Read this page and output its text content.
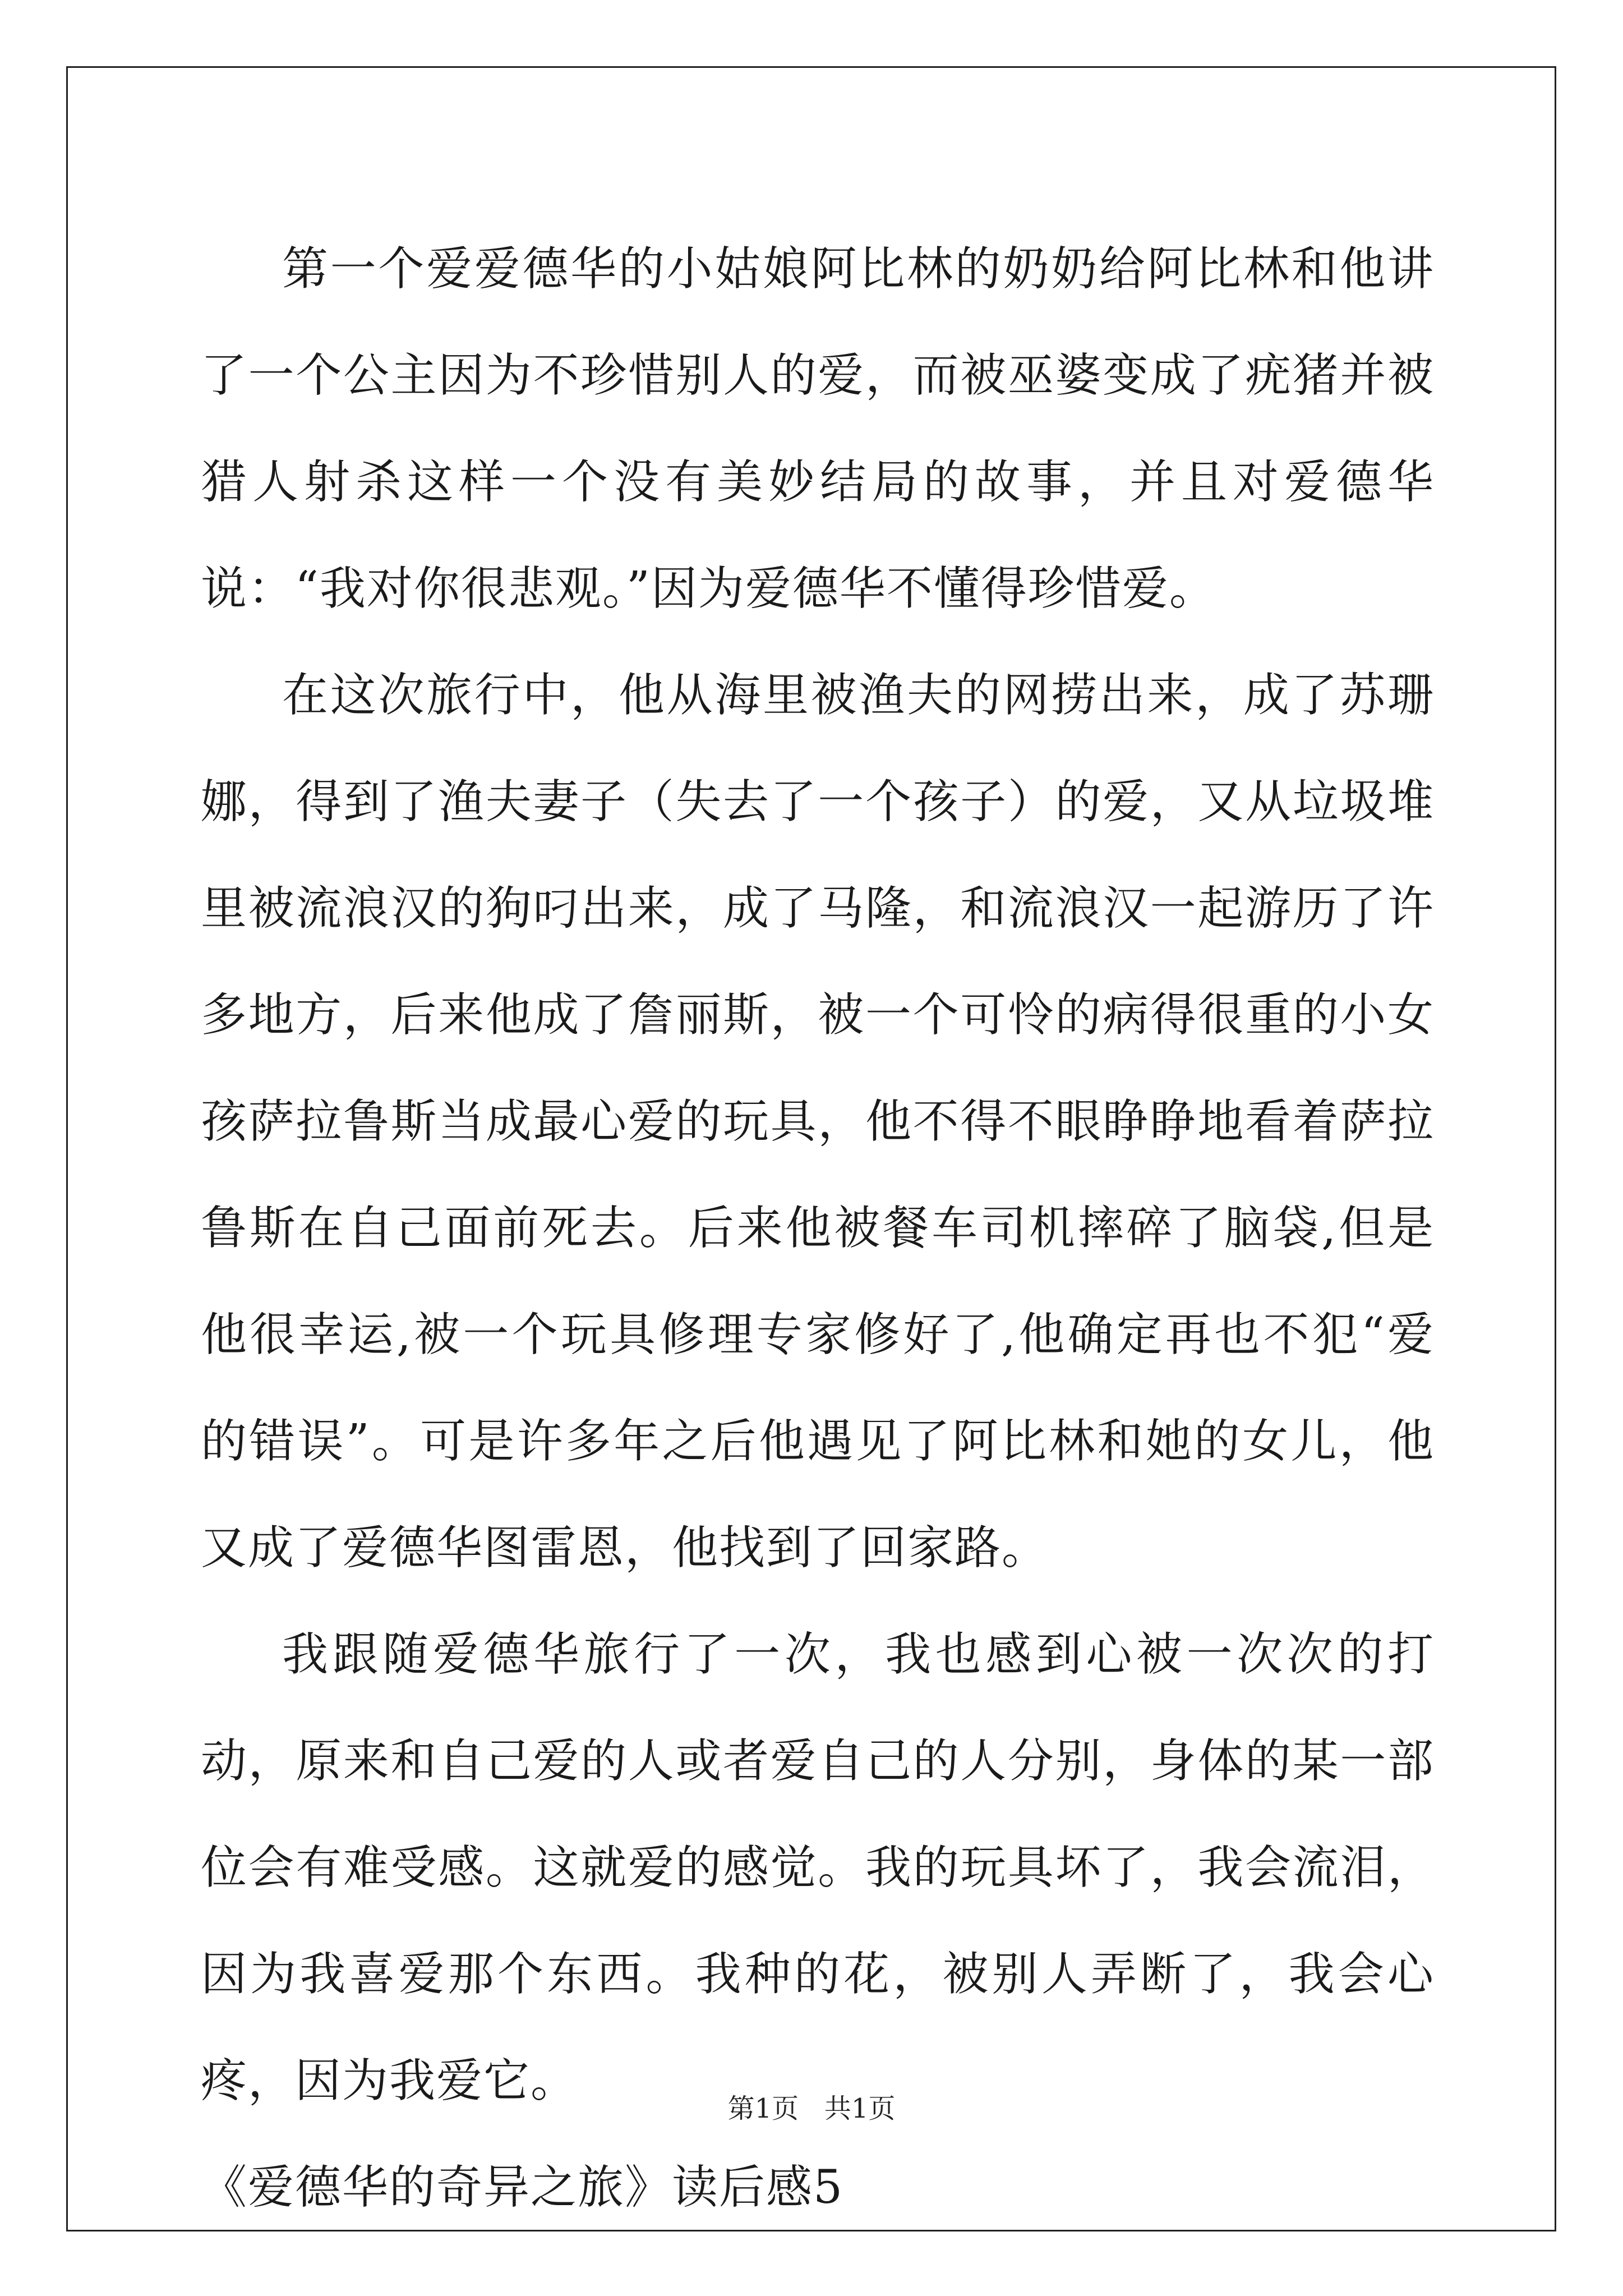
第一个爱爱德华的小姑娘阿比林的奶奶给阿比林和他讲了一个公主因为不珍惜别人的爱，而被巫婆变成了疣猪并被猎人射杀这样一个没有美妙结局的故事，并且对爱德华说：“我对你很悲观。”因为爱德华不懂得珍惜爱。

在这次旅行中，他从海里被渔夫的网捞出来，成了苏珊娜，得到了渔夫妻子（失去了一个孩子）的爱，又从垃圾堆里被流浪汉的狗叼出来，成了马隆，和流浪汉一起游历了许多地方，后来他成了詹丽斯，被一个可怜的病得很重的小女孩萨拉鲁斯当成最心爱的玩具，他不得不眼睁睁地看着萨拉鲁斯在自己面前死去。后来他被餐车司机摔碎了脑袋,但是他很幸运,被一个玩具修理专家修好了,他确定再也不犯“爱的错误”。可是许多年之后他遇见了阿比林和她的女儿，他又成了爱德华图雷恩，他找到了回家路。

我跟随爱德华旅行了一次，我也感到心被一次次的打动，原来和自己爱的人或者爱自己的人分别，身体的某一部位会有难受感。这就爱的感觉。我的玩具坏了，我会流泪，因为我喜爱那个东西。我种的花，被别人弄断了，我会心疼，因为我爱它。

《爱德华的奇异之旅》读后感5

第1页 共1页
